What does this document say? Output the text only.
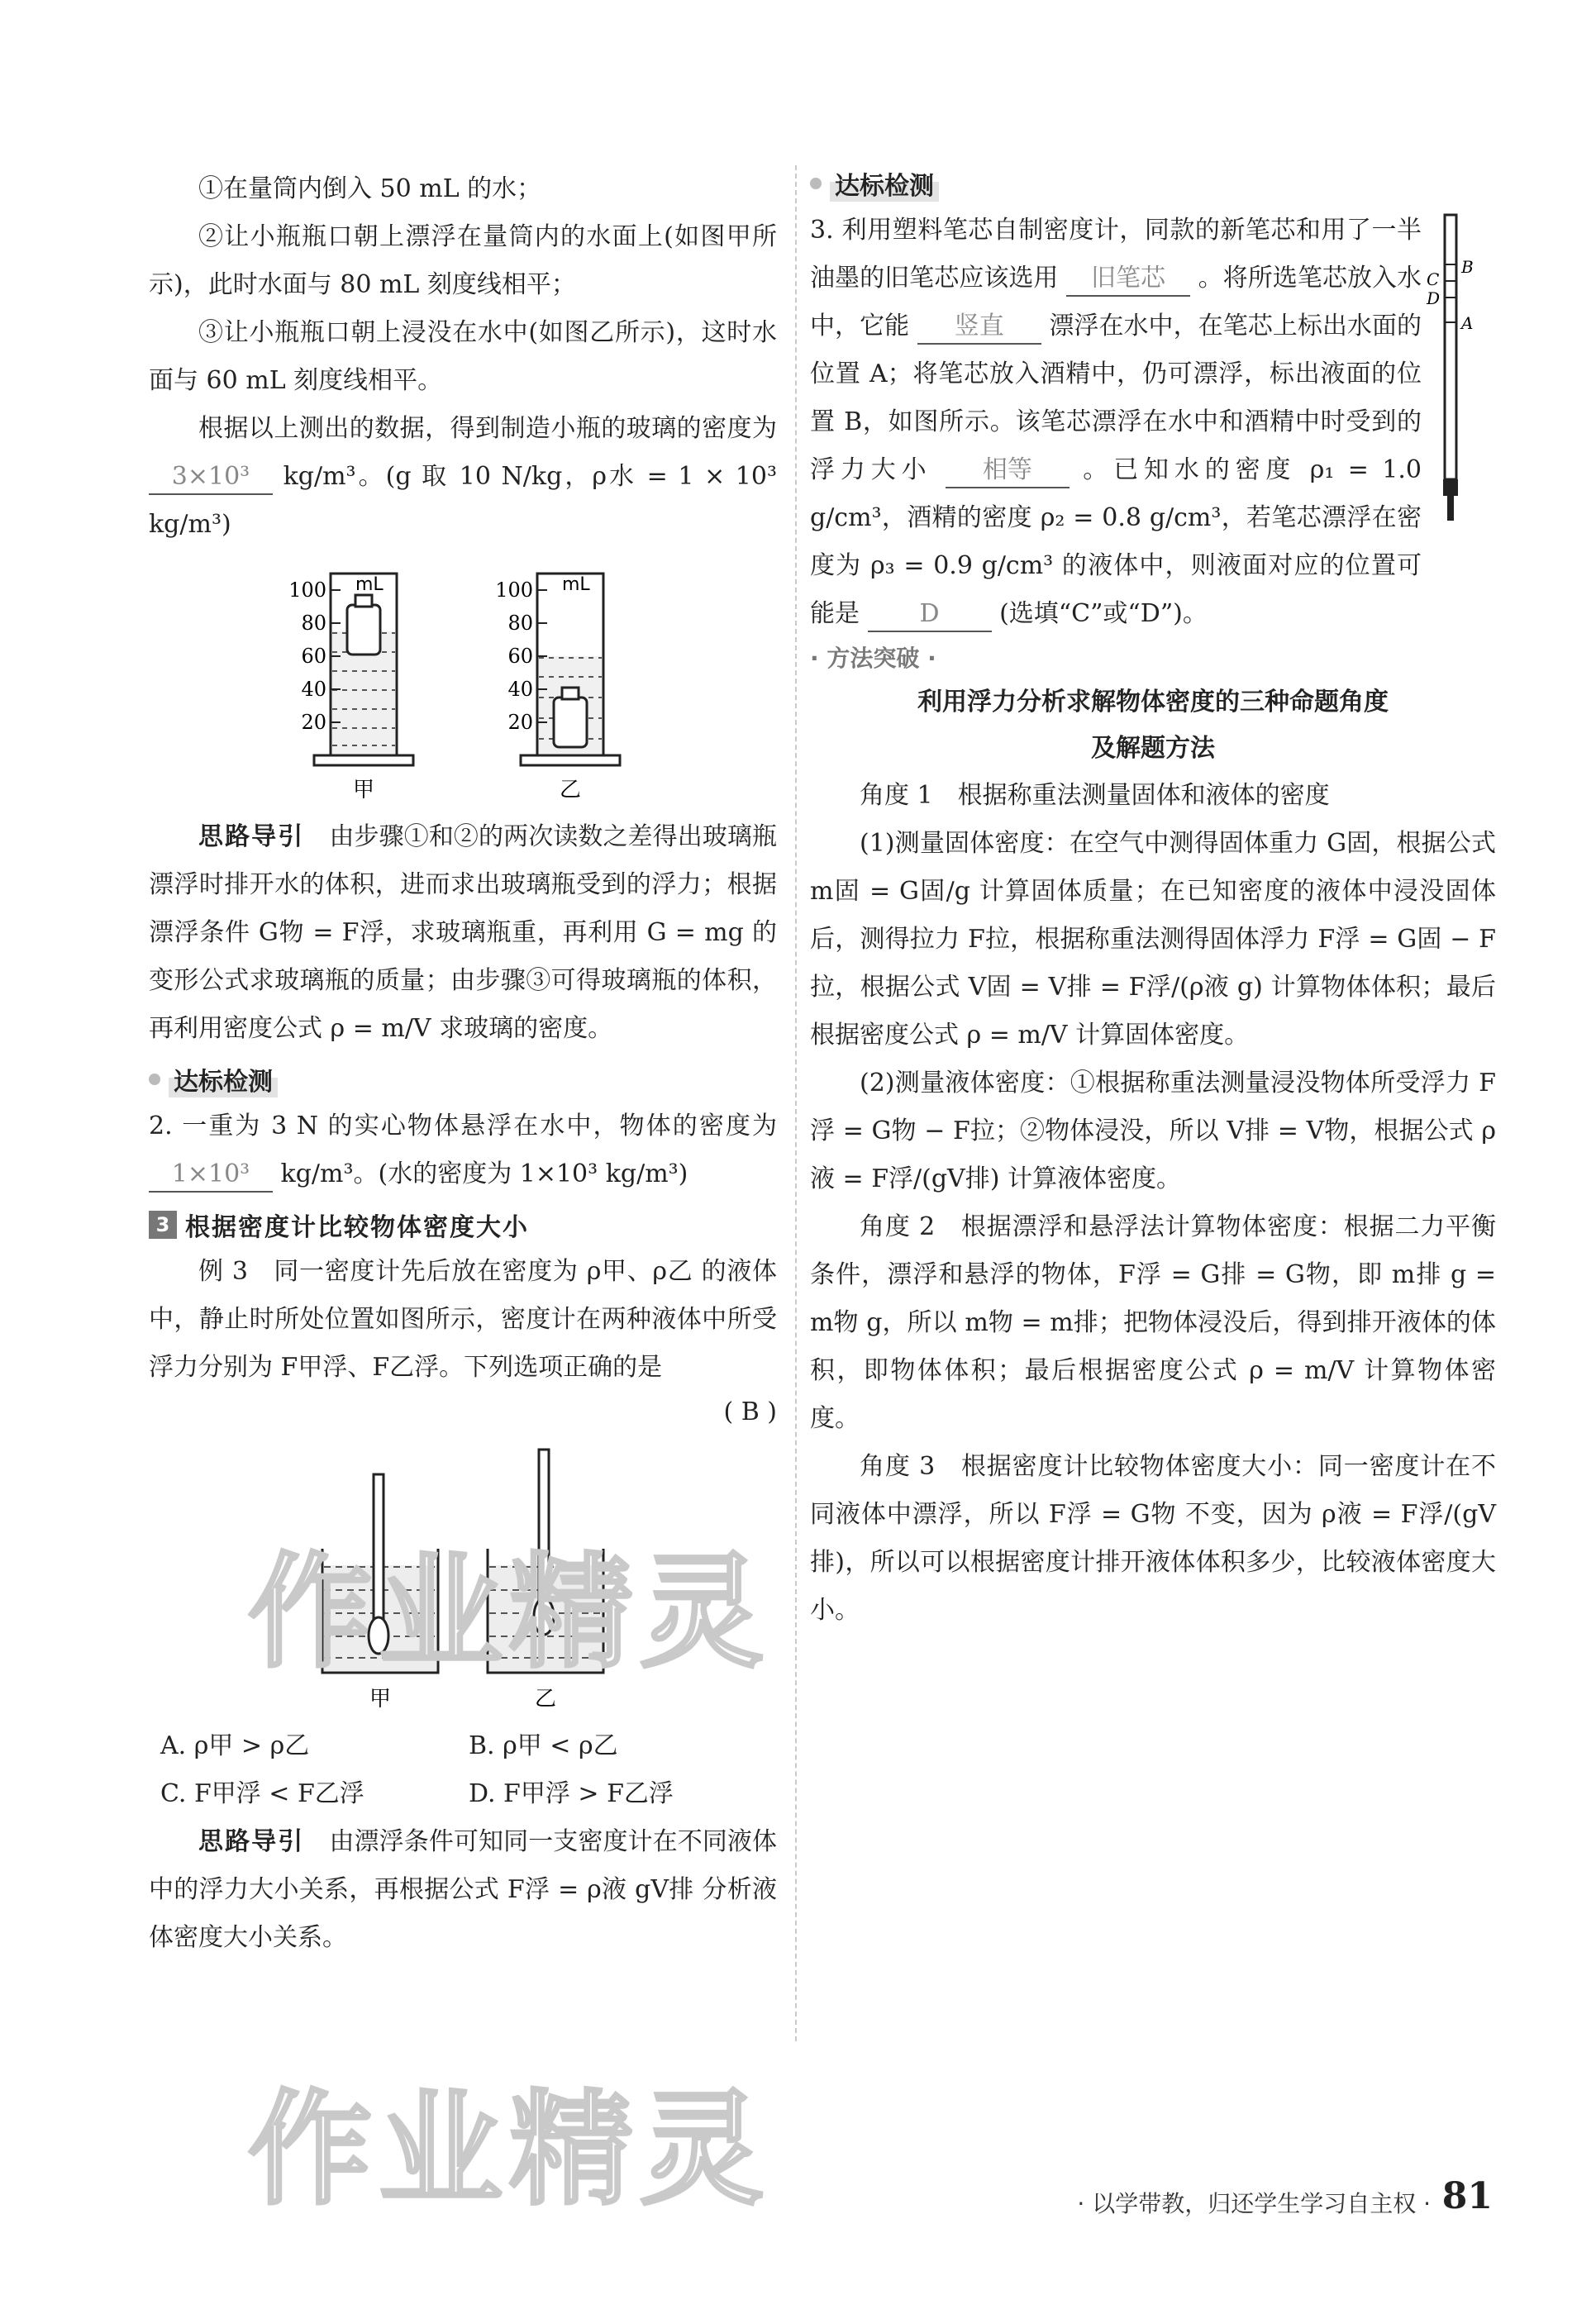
①在量筒内倒入 50 mL 的水；

②让小瓶瓶口朝上漂浮在量筒内的水面上(如图甲所示)，此时水面与 80 mL 刻度线相平；

③让小瓶瓶口朝上浸没在水中(如图乙所示)，这时水面与 60 mL 刻度线相平。

根据以上测出的数据，得到制造小瓶的玻璃的密度为 3×10³ kg/m³。(g 取 10 N/kg，ρ水 = 1 × 10³ kg/m³)

mL
100
80
60
40
20
甲
mL
100
80
60
40
20
乙

思路导引　 由步骤①和②的两次读数之差得出玻璃瓶漂浮时排开水的体积，进而求出玻璃瓶受到的浮力；根据漂浮条件 G物 = F浮，求玻璃瓶重，再利用 G = mg 的变形公式求玻璃瓶的质量；由步骤③可得玻璃瓶的体积，再利用密度公式 ρ = m/V 求玻璃的密度。

达标检测

2. 一重为 3 N 的实心物体悬浮在水中，物体的密度为 1×10³ kg/m³。(水的密度为 1×10³ kg/m³)

3 根据密度计比较物体密度大小

例 3　同一密度计先后放在密度为 ρ甲、ρ乙 的液体中，静止时所处位置如图所示，密度计在两种液体中所受浮力分别为 F甲浮、F乙浮。下列选项正确的是

( B )
甲	乙
A. ρ甲 > ρ乙	B. ρ甲 < ρ乙
C. F甲浮 < F乙浮	D. F甲浮 > F乙浮

思路导引　 由漂浮条件可知同一支密度计在不同液体中的浮力大小关系，再根据公式 F浮 = ρ液 gV排 分析液体密度大小关系。

达标检测

3. 利用塑料笔芯自制密度计，同款的新笔芯和用了一半油墨的旧笔芯应该选用 旧笔芯 。将所选笔芯放入水中，它能 竖直 漂浮在水中，在笔芯上标出水面的位置 A；将笔芯放入酒精中，仍可漂浮，标出液面的位置 B，如图所示。该笔芯漂浮在水中和酒精中时受到的浮力大小 相等 。已知水的密度 ρ₁ = 1.0 g/cm³，酒精的密度 ρ₂ = 0.8 g/cm³，若笔芯漂浮在密度为 ρ₃ = 0.9 g/cm³ 的液体中，则液面对应的位置可能是 D (选填“C”或“D”)。

B
C
D
A
· 方法突破 ·
利用浮力分析求解物体密度的三种命题角度
及解题方法

角度 1　根据称重法测量固体和液体的密度

(1)测量固体密度：在空气中测得固体重力 G固，根据公式 m固 = G固/g 计算固体质量；在已知密度的液体中浸没固体后，测得拉力 F拉，根据称重法测得固体浮力 F浮 = G固 − F拉，根据公式 V固 = V排 = F浮/(ρ液 g) 计算物体体积；最后根据密度公式 ρ = m/V 计算固体密度。

(2)测量液体密度：①根据称重法测量浸没物体所受浮力 F浮 = G物 − F拉；②物体浸没，所以 V排 = V物，根据公式 ρ液 = F浮/(gV排) 计算液体密度。

角度 2　根据漂浮和悬浮法计算物体密度：根据二力平衡条件，漂浮和悬浮的物体，F浮 = G排 = G物，即 m排 g = m物 g，所以 m物 = m排；把物体浸没后，得到排开液体的体积，即物体体积；最后根据密度公式 ρ = m/V 计算物体密度。

角度 3　根据密度计比较物体密度大小：同一密度计在不同液体中漂浮，所以 F浮 = G物 不变，因为 ρ液 = F浮/(gV排)，所以可以根据密度计排开液体体积多少，比较液体密度大小。

作业精灵
作业精灵	· 以学带教，归还学生学习自主权 · 81
